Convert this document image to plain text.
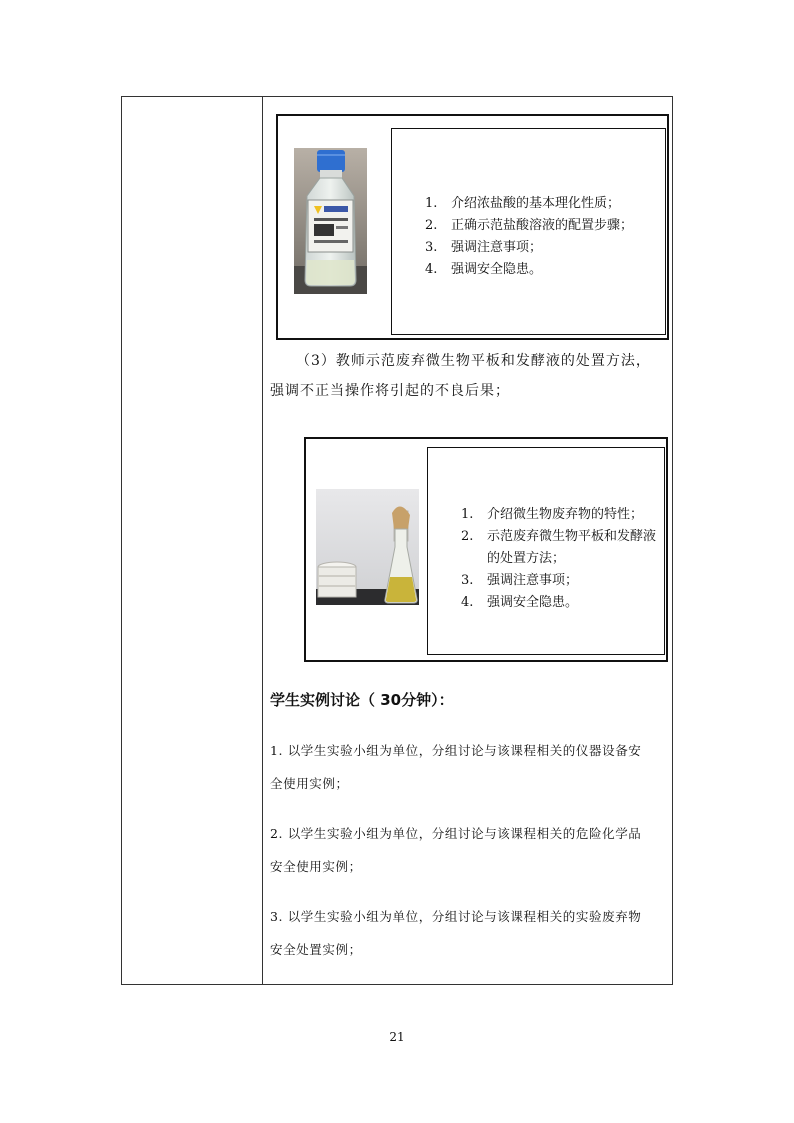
1. 介绍浓盐酸的基本理化性质；
2. 正确示范盐酸溶液的配置步骤；
3. 强调注意事项；
4. 强调安全隐患。

（3）教师示范废弃微生物平板和发酵液的处置方法，
强调不正当操作将引起的不良后果；

1. 介绍微生物废弃物的特性；
2. 示范废弃微生物平板和发酵液的处置方法；
3. 强调注意事项；
4. 强调安全隐患。

学生实例讨论（ 30分钟）：

1. 以学生实验小组为单位，分组讨论与该课程相关的仪器设备安
全使用实例；

2. 以学生实验小组为单位，分组讨论与该课程相关的危险化学品
安全使用实例；

3. 以学生实验小组为单位，分组讨论与该课程相关的实验废弃物
安全处置实例；

21
